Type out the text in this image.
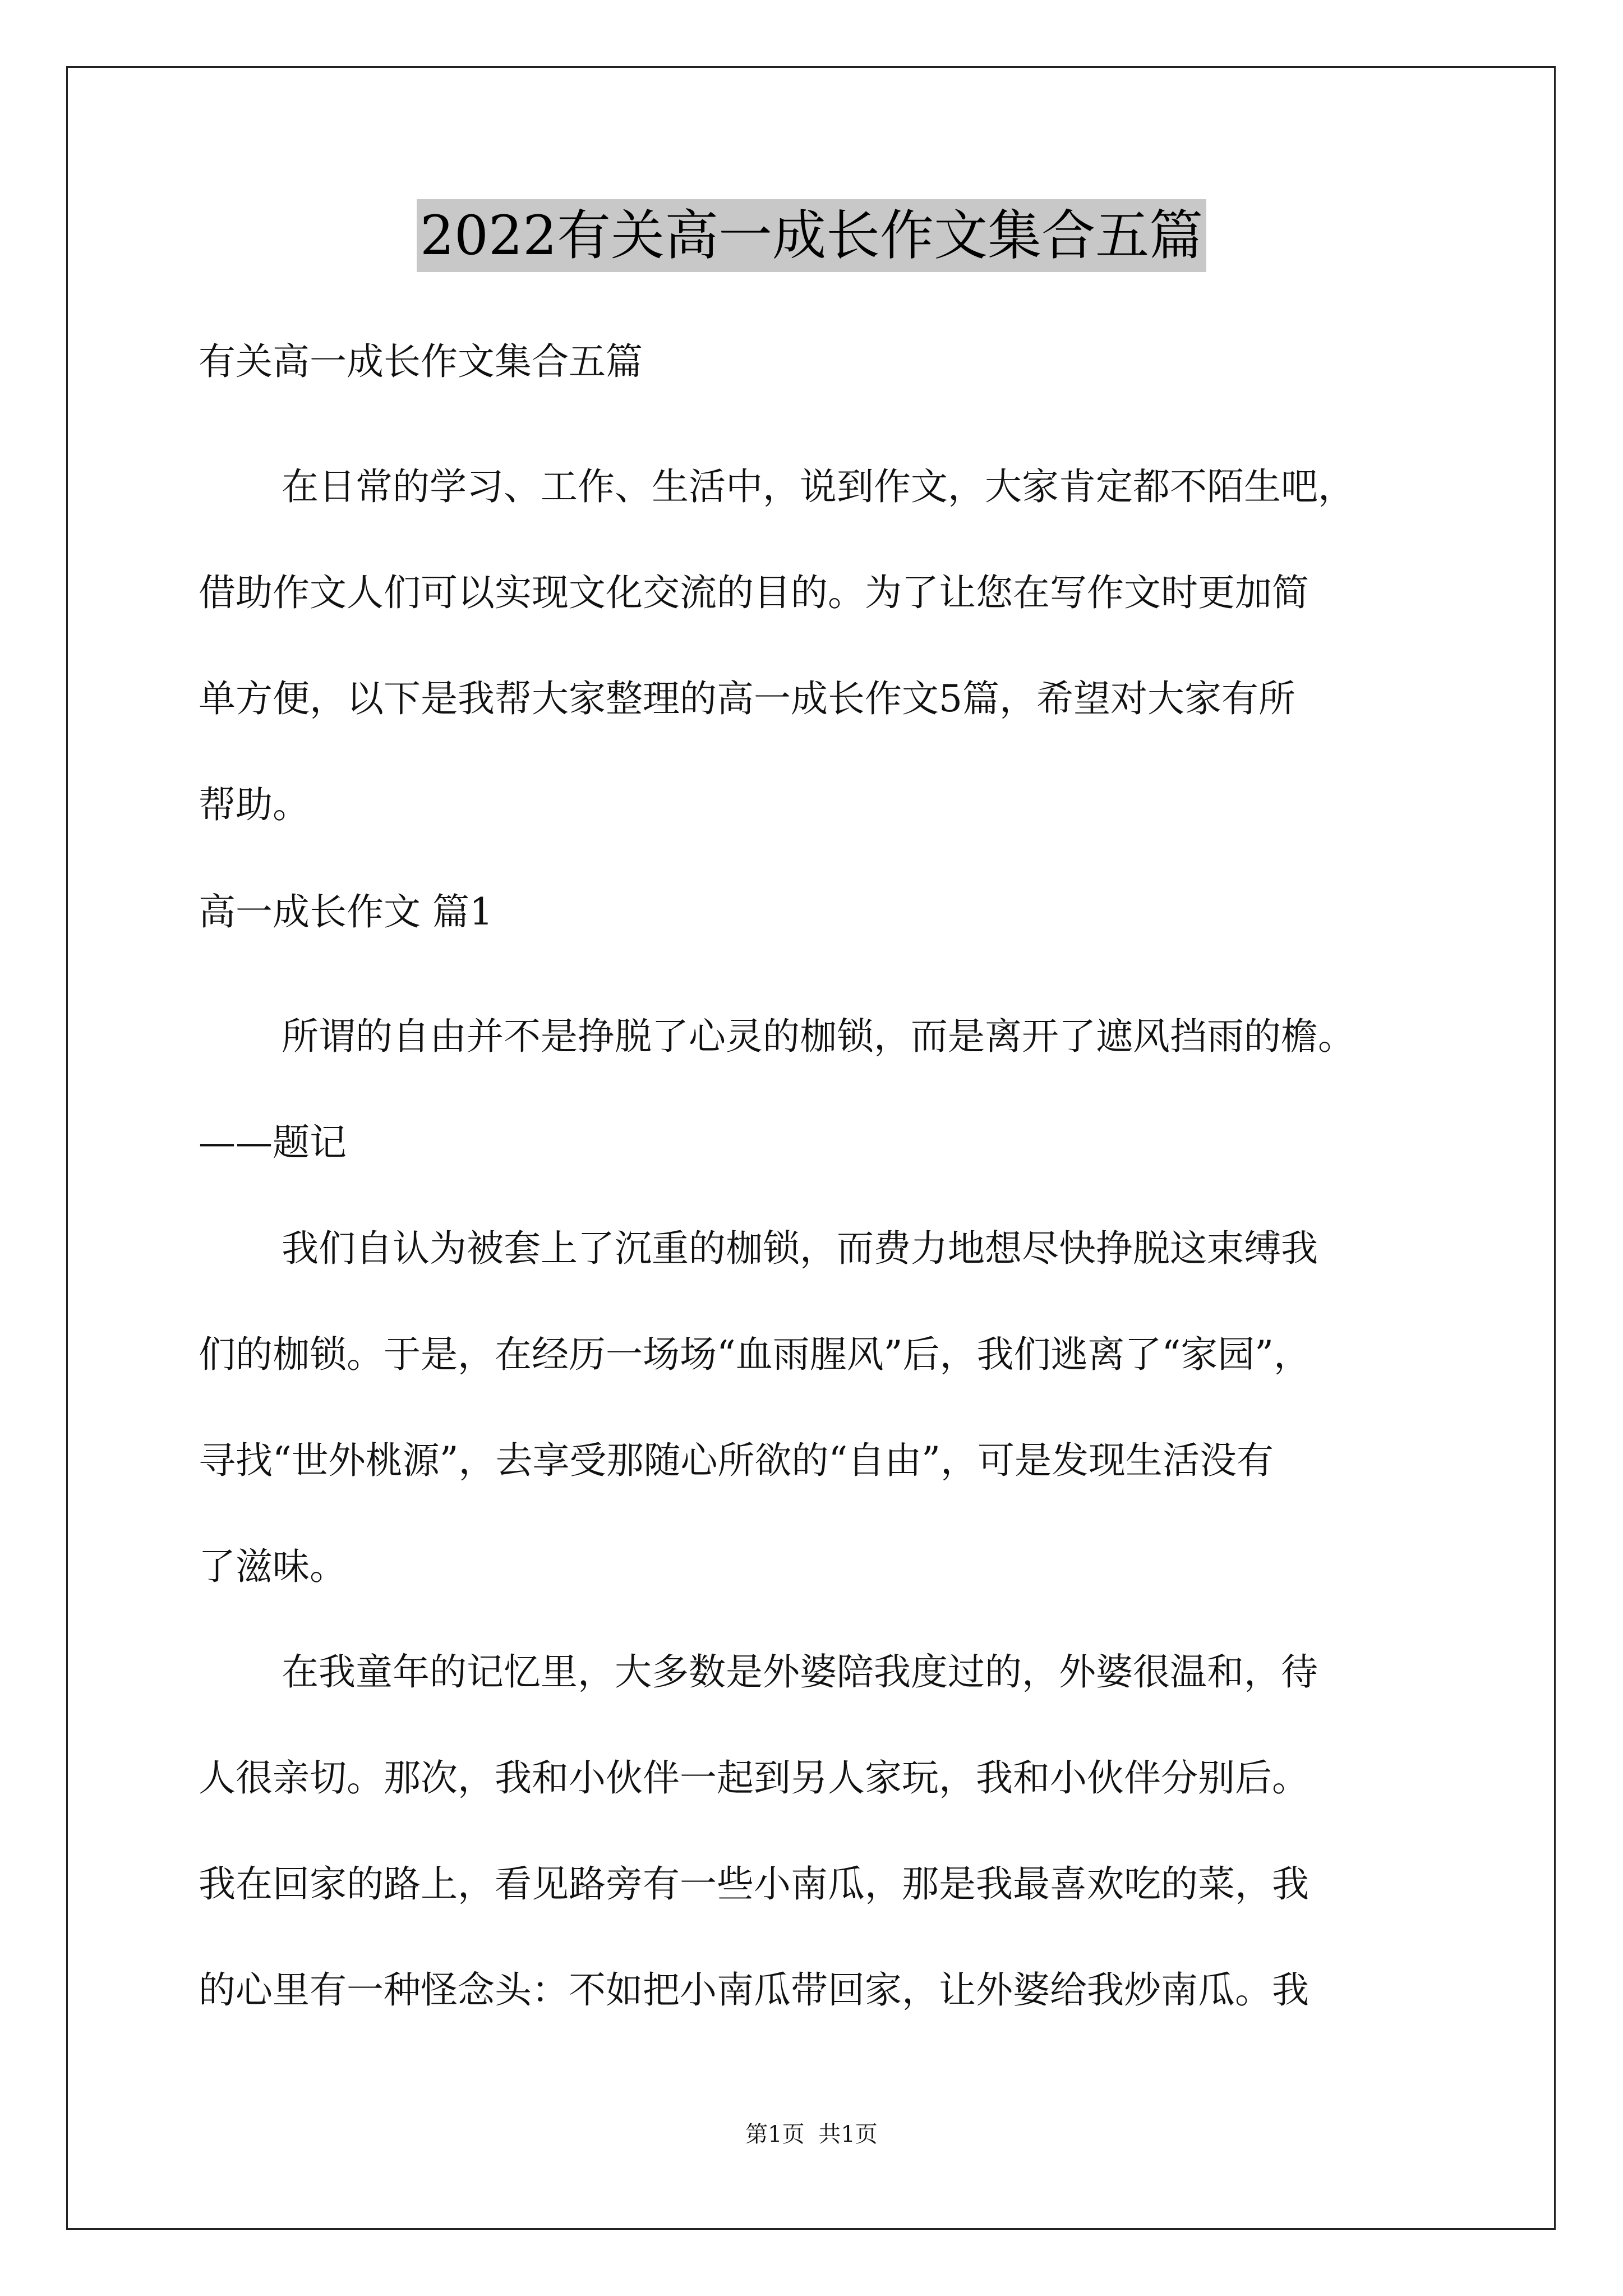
2022有关高一成长作文集合五篇
有关高一成长作文集合五篇
在日常的学习、工作、生活中，说到作文，大家肯定都不陌生吧，
借助作文人们可以实现文化交流的目的。为了让您在写作文时更加简
单方便，以下是我帮大家整理的高一成长作文5篇，希望对大家有所
帮助。
高一成长作文 篇1
所谓的自由并不是挣脱了心灵的枷锁，而是离开了遮风挡雨的檐。
——题记
我们自认为被套上了沉重的枷锁，而费力地想尽快挣脱这束缚我
们的枷锁。于是，在经历一场场“血雨腥风”后，我们逃离了“家园”，
寻找“世外桃源”，去享受那随心所欲的“自由”，可是发现生活没有
了滋味。
在我童年的记忆里，大多数是外婆陪我度过的，外婆很温和，待
人很亲切。那次，我和小伙伴一起到另人家玩，我和小伙伴分别后。
我在回家的路上，看见路旁有一些小南瓜，那是我最喜欢吃的菜，我
的心里有一种怪念头：不如把小南瓜带回家，让外婆给我炒南瓜。我
第1页 共1页
